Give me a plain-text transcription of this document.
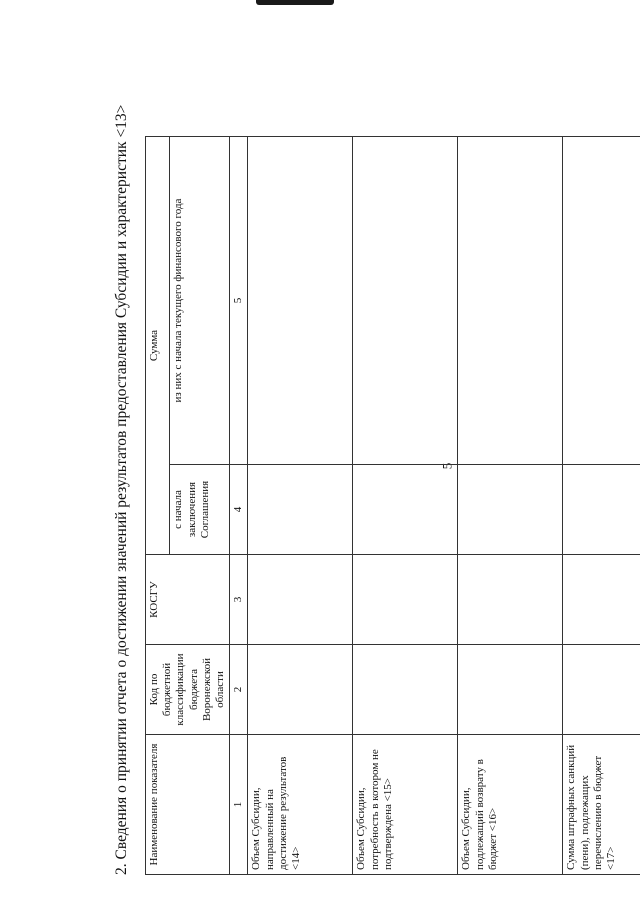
5
2. Сведения о принятии отчета о достижении значений результатов предоставления Субсидии и характеристик <13>	Наименование показателя	Код по бюджетной классификации бюджета Воронежской области	КОСГУ	Сумма	
			с начала заключения Соглашения	из них с начала текущего финансового года
1	2	3	4	5
Объем Субсидии, направленный на достижение результатов <14>				
Объем Субсидии, потребность в котором не подтверждена <15>				
Объем Субсидии, подлежащий возврату в бюджет <16>				
Сумма штрафных санкций (пени), подлежащих перечислению в бюджет <17>				
